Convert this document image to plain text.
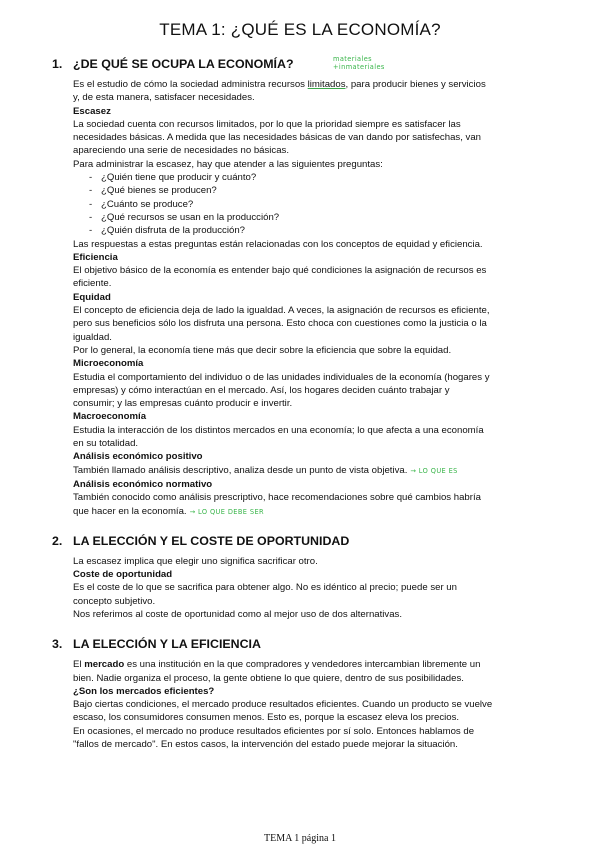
TEMA 1: ¿QUÉ ES LA ECONOMÍA?
materiales
+inmateriales
1. ¿DE QUÉ SE OCUPA LA ECONOMÍA?

Es el estudio de cómo la sociedad administra recursos limitados, para producir bienes y servicios y, de esta manera, satisfacer necesidades.

Escasez

La sociedad cuenta con recursos limitados, por lo que la prioridad siempre es satisfacer las necesidades básicas. A medida que las necesidades básicas de van dando por satisfechas, van apareciendo una serie de necesidades no básicas.

Para administrar la escasez, hay que atender a las siguientes preguntas:

- ¿Quién tiene que producir y cuánto?
- ¿Qué bienes se producen?
- ¿Cuánto se produce?
- ¿Qué recursos se usan en la producción?
- ¿Quién disfruta de la producción?

Las respuestas a estas preguntas están relacionadas con los conceptos de equidad y eficiencia.

Eficiencia

El objetivo básico de la economía es entender bajo qué condiciones la asignación de recursos es eficiente.

Equidad

El concepto de eficiencia deja de lado la igualdad. A veces, la asignación de recursos es eficiente, pero sus beneficios sólo los disfruta una persona. Esto choca con cuestiones como la justicia o la igualdad.

Por lo general, la economía tiene más que decir sobre la eficiencia que sobre la equidad.

Microeconomía

Estudia el comportamiento del individuo o de las unidades individuales de la economía (hogares y empresas) y cómo interactúan en el mercado. Así, los hogares deciden cuánto trabajar y consumir; y las empresas cuánto producir e invertir.

Macroeconomía

Estudia la interacción de los distintos mercados en una economía; lo que afecta a una economía en su totalidad.

Análisis económico positivo

También llamado análisis descriptivo, analiza desde un punto de vista objetiva. → LO QUE ES

Análisis económico normativo

También conocido como análisis prescriptivo, hace recomendaciones sobre qué cambios habría que hacer en la economía. → LO QUE DEBE SER

2. LA ELECCIÓN Y EL COSTE DE OPORTUNIDAD

La escasez implica que elegir uno significa sacrificar otro.

Coste de oportunidad

Es el coste de lo que se sacrifica para obtener algo. No es idéntico al precio; puede ser un concepto subjetivo.

Nos referimos al coste de oportunidad como al mejor uso de dos alternativas.

3. LA ELECCIÓN Y LA EFICIENCIA

El mercado es una institución en la que compradores y vendedores intercambian libremente un bien. Nadie organiza el proceso, la gente obtiene lo que quiere, dentro de sus posibilidades.

¿Son los mercados eficientes?

Bajo ciertas condiciones, el mercado produce resultados eficientes. Cuando un producto se vuelve escaso, los consumidores consumen menos. Esto es, porque la escasez eleva los precios.

En ocasiones, el mercado no produce resultados eficientes por sí solo. Entonces hablamos de "fallos de mercado". En estos casos, la intervención del estado puede mejorar la situación.

TEMA 1 página 1
